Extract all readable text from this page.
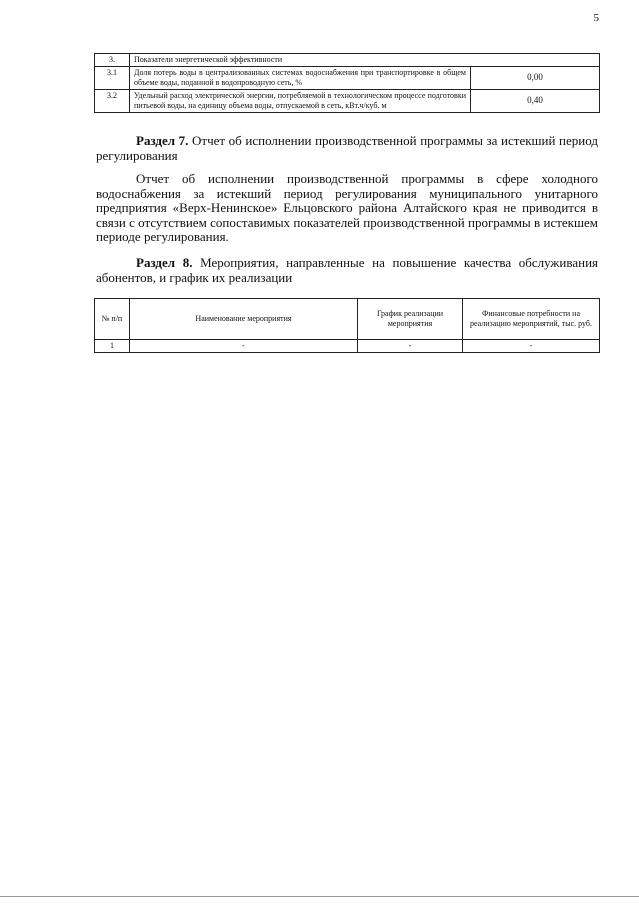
5
3.	Показатели энергетической эффективности	
3.1	Доля потерь воды в централизованных системах водоснабжения при транспортировке в общем объеме воды, поданной в водопроводную сеть, %	0,00
3.2	Удельный расход электрической энергии, потребляемой в технологическом процессе подготовки питьевой воды, на единицу объема воды, отпускаемой в сеть, кВт.ч/куб. м	0,40
Раздел 7. Отчет об исполнении производственной программы за истекший период регулирования
Отчет об исполнении производственной программы в сфере холодного водоснабжения за истекший период регулирования муниципального унитарного предприятия «Верх-Ненинское» Ельцовского района Алтайского края не приводится в связи с отсутствием сопоставимых показателей производственной программы в истекшем периоде регулирования.
Раздел 8. Мероприятия, направленные на повышение качества обслуживания абонентов, и график их реализации
№ п/п	Наименование мероприятия	График реализации мероприятия	Финансовые потребности на реализацию мероприятий, тыс. руб.
1	-	-	-
